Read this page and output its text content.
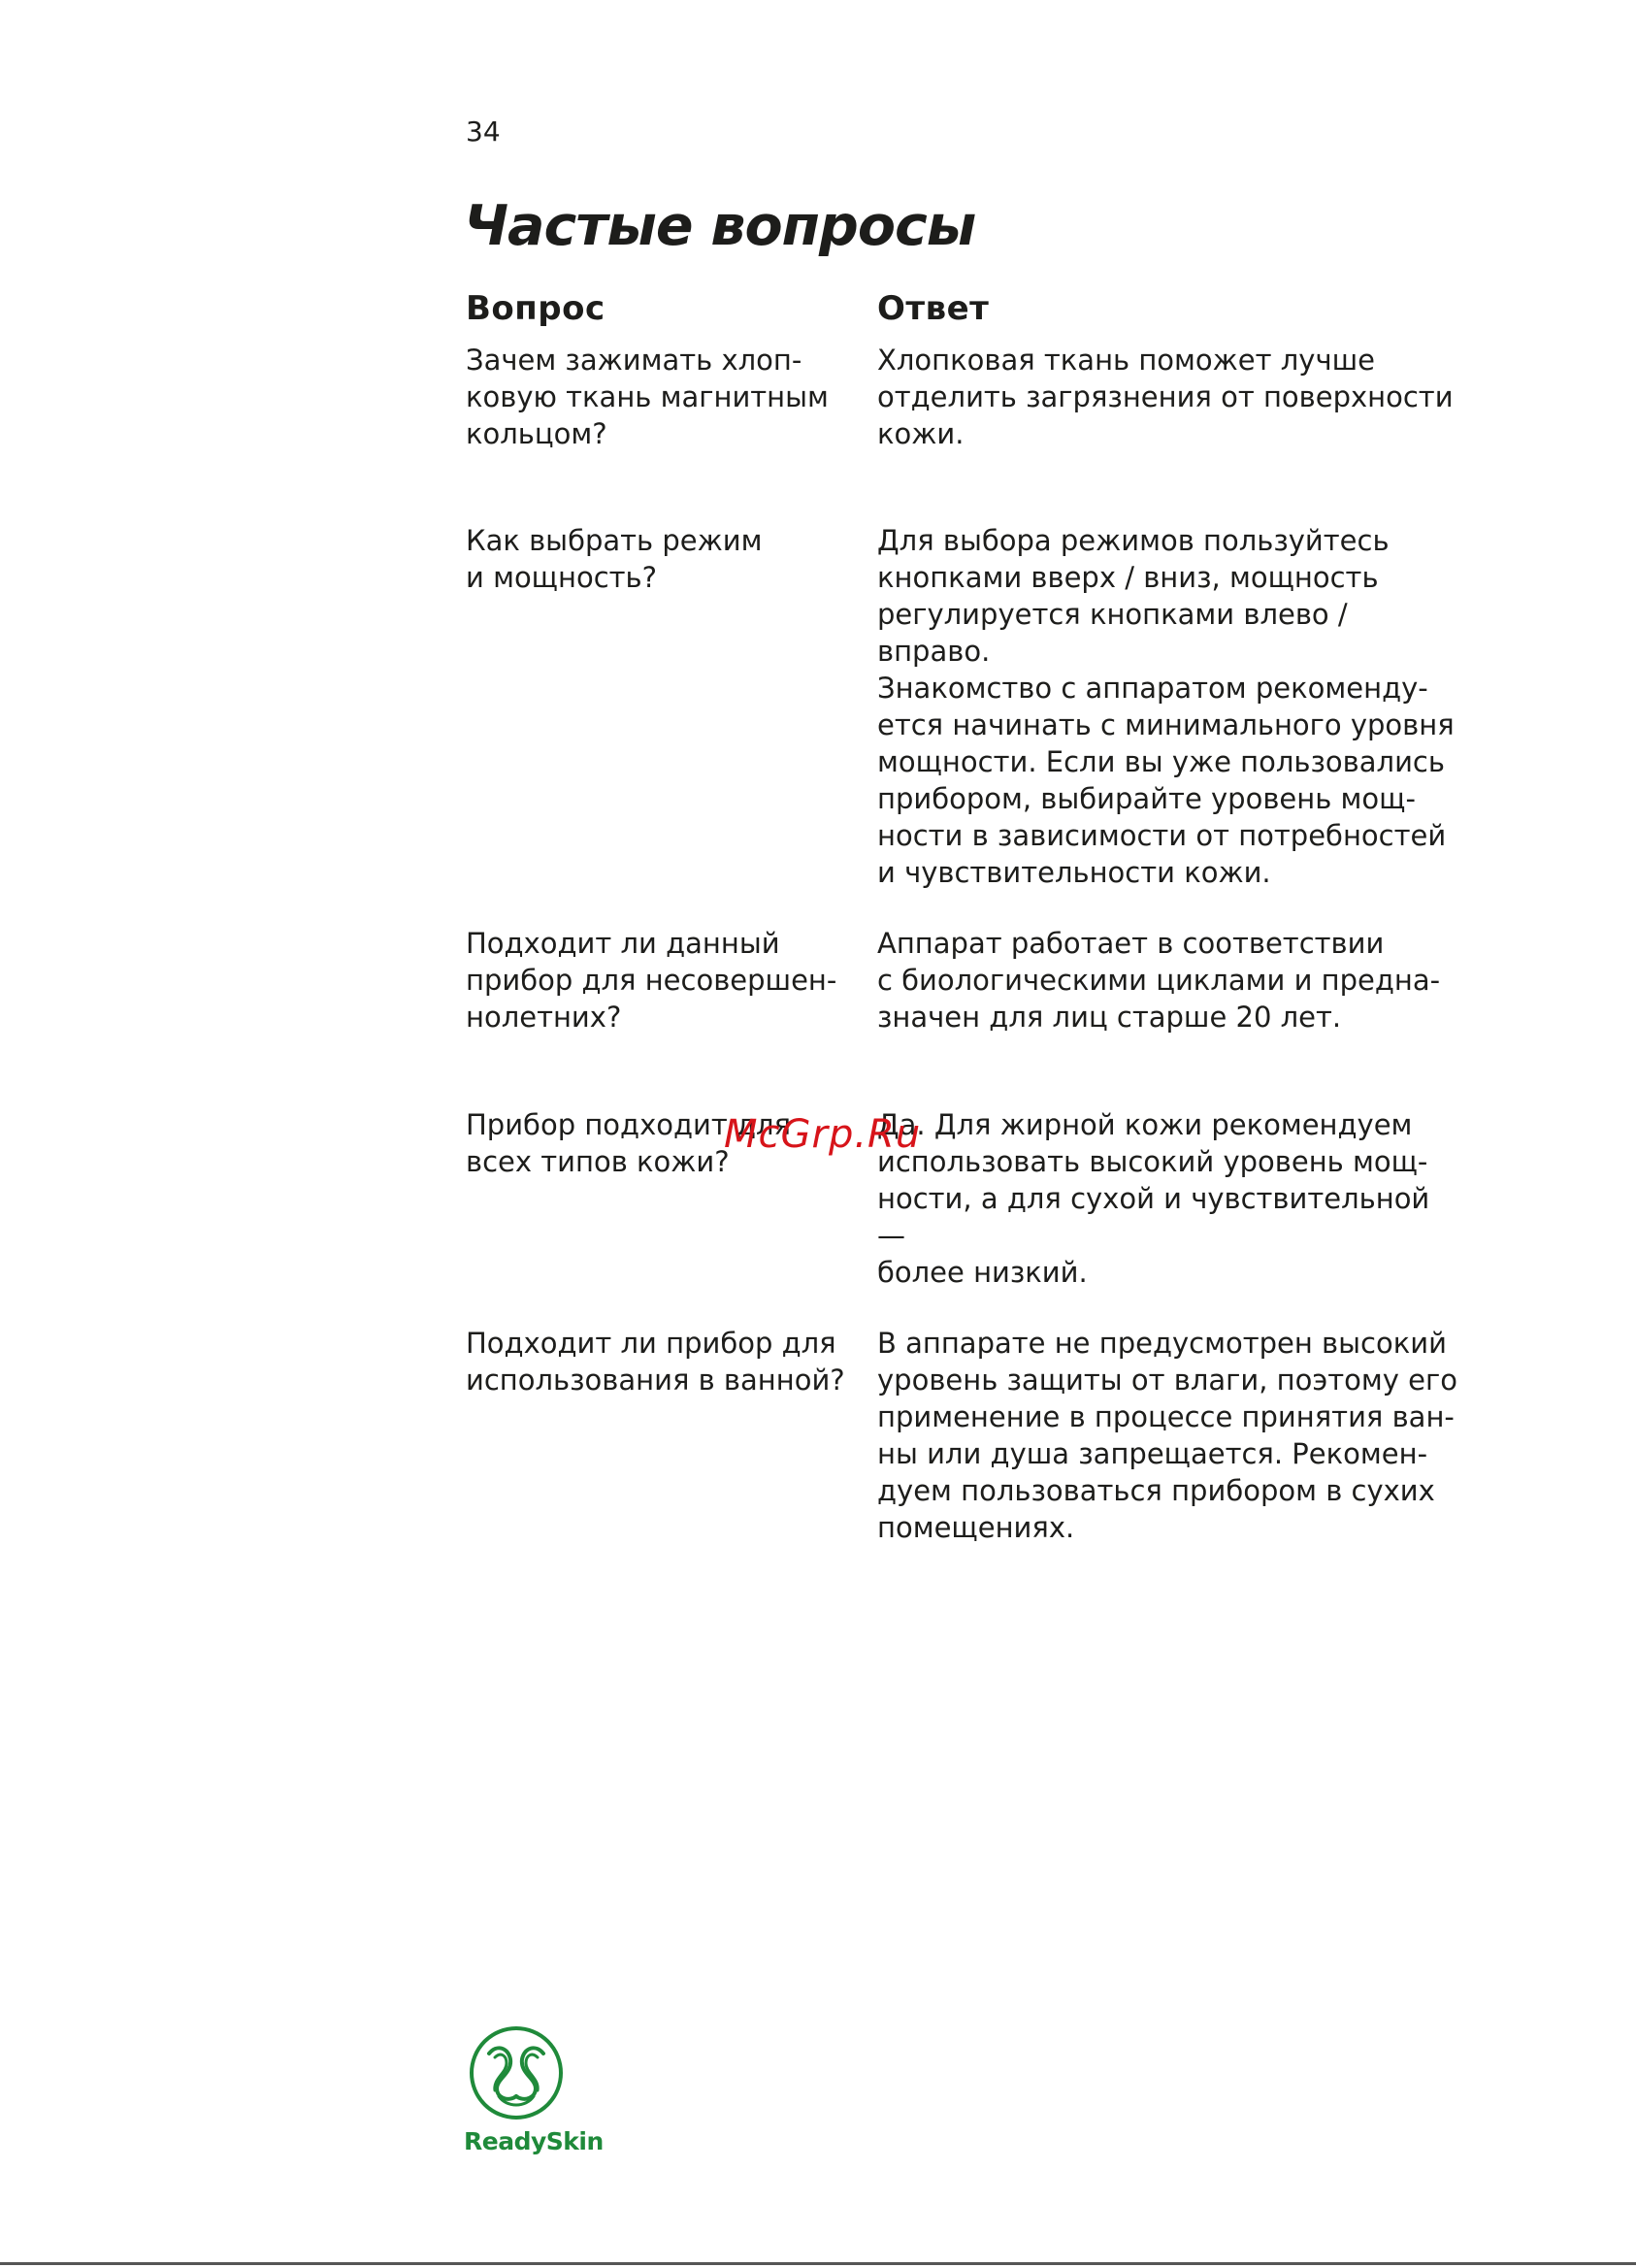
34
Частые вопросы
Вопрос	Ответ
Зачем зажимать хлоп-
ковую ткань магнитным
кольцом?
Хлопковая ткань поможет лучше
отделить загрязнения от поверхности
кожи.
Как выбрать режим
и мощность?
Для выбора режимов пользуйтесь
кнопками вверх / вниз, мощность
регулируется кнопками влево / вправо.
Знакомство с аппаратом рекоменду-
ется начинать с минимального уровня
мощности. Если вы уже пользовались
прибором, выбирайте уровень мощ-
ности в зависимости от потребностей
и чувствительности кожи.
Подходит ли данный
прибор для несовершен-
нолетних?
Аппарат работает в соответствии
с биологическими циклами и предна-
значен для лиц старше 20 лет.
Прибор подходит для
всех типов кожи?
Да. Для жирной кожи рекомендуем
использовать высокий уровень мощ-
ности, а для сухой и чувствительной —
более низкий.
Подходит ли прибор для
использования в ванной?
В аппарате не предусмотрен высокий
уровень защиты от влаги, поэтому его
применение в процессе принятия ван-
ны или душа запрещается. Рекомен-
дуем пользоваться прибором в сухих
помещениях.
McGrp.Ru
ReadySkin
